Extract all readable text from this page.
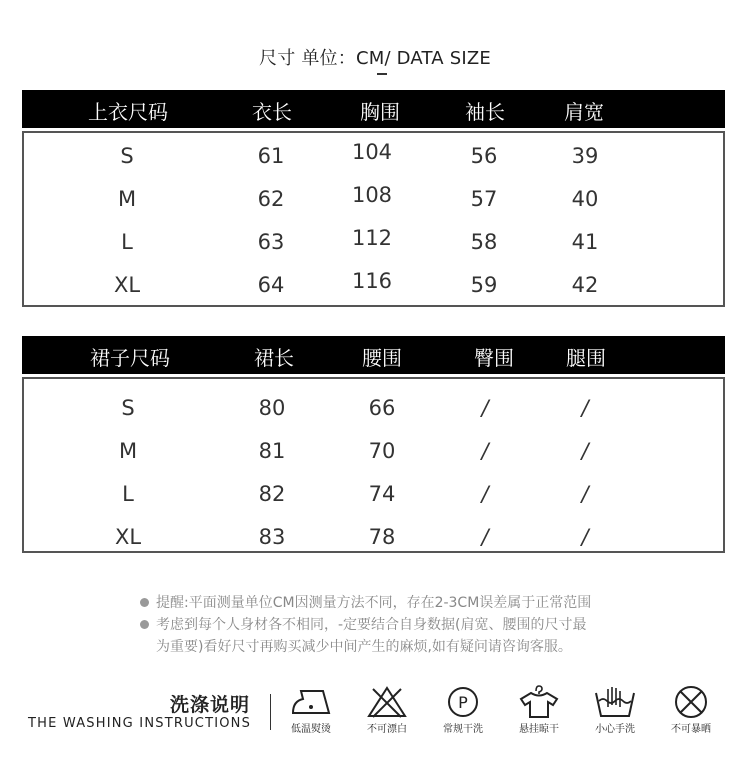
尺寸 单位：CM/ DATA SIZE
上衣尺码	衣长	胸围	袖长	肩宽
S	61	104	56	39
M	62	108	57	40
L	63	112	58	41
XL	64	116	59	42
裙子尺码	裙长	腰围	臀围	腿围
S	80	66	/	/
M	81	70	/	/
L	82	74	/	/
XL	83	78	/	/
提醒:平面测量单位CM因测量方法不同，存在2-3CM误差属于正常范围
考虑到每个人身材各不相同，-定要结合自身数据(肩宽、腰围的尺寸最
为重要)看好尺寸再购买减少中间产生的麻烦,如有疑问请咨询客服。
洗涤说明
THE WASHING INSTRUCTIONS	低温熨烫	不可漂白
P
常规干洗	悬挂晾干	小心手洗	不可暴晒
